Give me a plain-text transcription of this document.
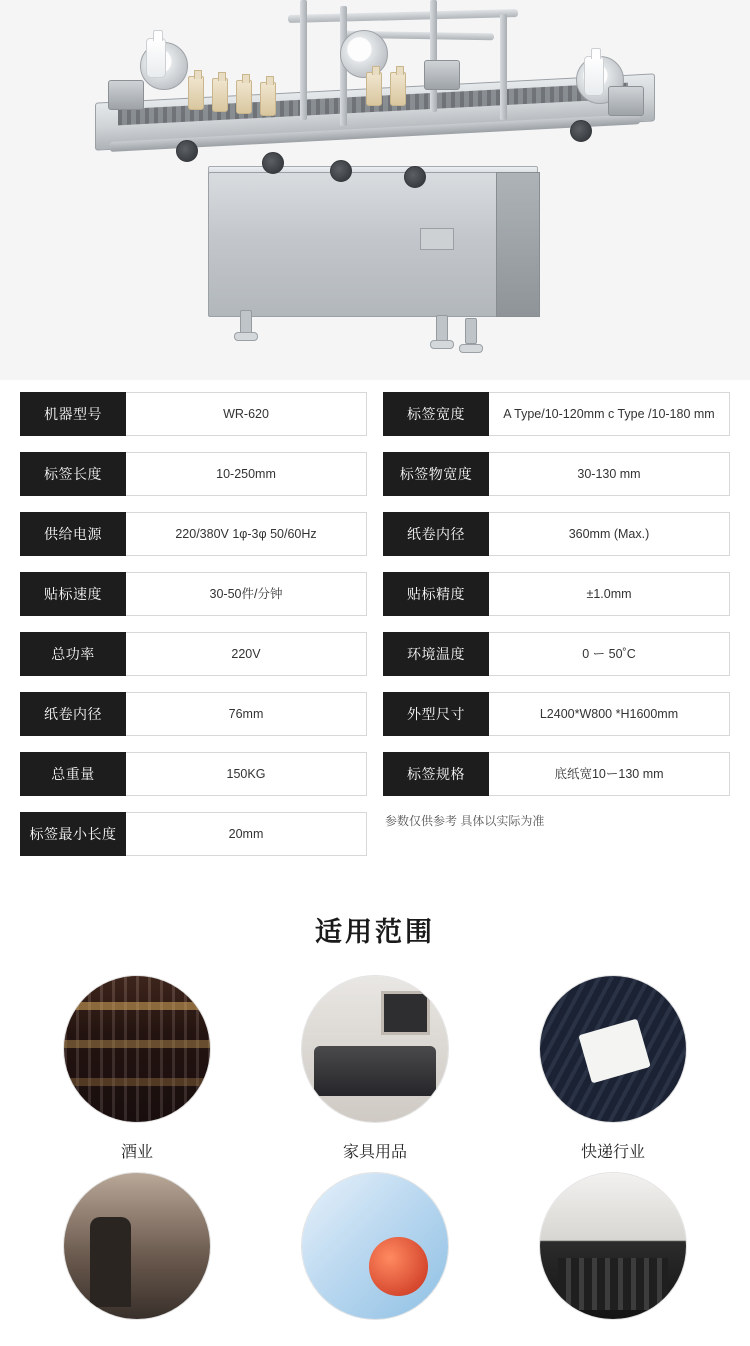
机器型号	WR-620
标签长度	10-250mm
供给电源	220/380V 1φ-3φ 50/60Hz
贴标速度	30-50件/分钟
总功率	220V
纸卷内径	76mm
总重量	150KG
标签最小长度	20mm
标签宽度	A Type/10-120mm c Type /10-180 mm
标签物宽度	30-130 mm
纸卷内径	360mm (Max.)
贴标精度	±1.0mm
环境温度	0 ー 50˚C
外型尺寸	L2400*W800 *H1600mm
标签规格	底纸宽10ー130 mm
参数仅供参考 具体以实际为准
适用范围
酒业	家具用品	快递行业
